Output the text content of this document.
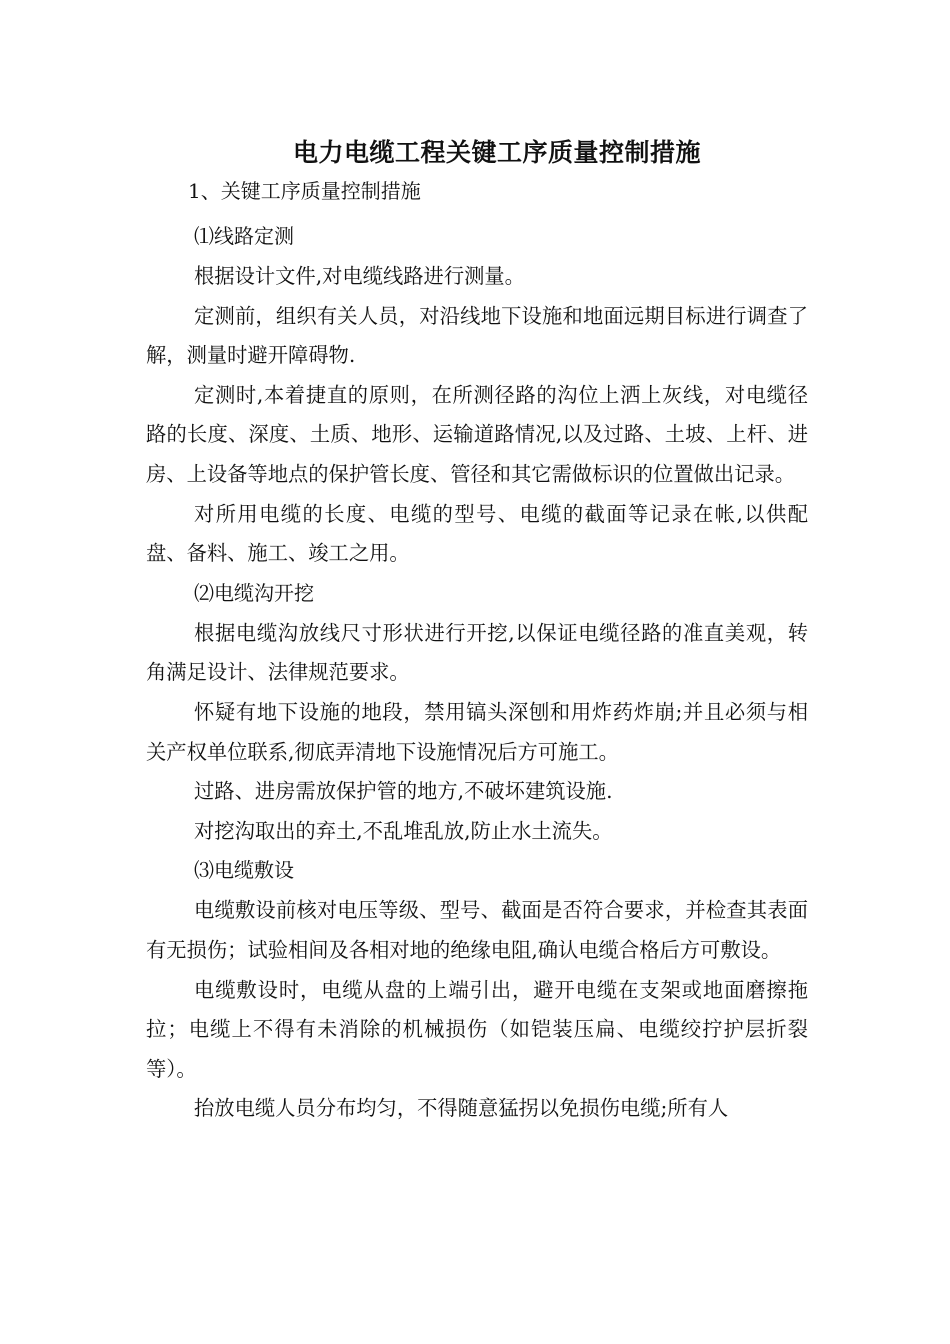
电力电缆工程关键工序质量控制措施

1、关键工序质量控制措施

⑴线路定测

根据设计文件,对电缆线路进行测量。

定测前，组织有关人员，对沿线地下设施和地面远期目标进行调查了解，测量时避开障碍物.

定测时,本着捷直的原则，在所测径路的沟位上洒上灰线，对电缆径路的长度、深度、土质、地形、运输道路情况,以及过路、土坡、上杆、进房、上设备等地点的保护管长度、管径和其它需做标识的位置做出记录。

对所用电缆的长度、电缆的型号、电缆的截面等记录在帐,以供配盘、备料、施工、竣工之用。

⑵电缆沟开挖

根据电缆沟放线尺寸形状进行开挖,以保证电缆径路的准直美观，转角满足设计、法律规范要求。

怀疑有地下设施的地段，禁用镐头深刨和用炸药炸崩;并且必须与相关产权单位联系,彻底弄清地下设施情况后方可施工。

过路、进房需放保护管的地方,不破坏建筑设施.

对挖沟取出的弃土,不乱堆乱放,防止水土流失。

⑶电缆敷设

电缆敷设前核对电压等级、型号、截面是否符合要求，并检查其表面有无损伤；试验相间及各相对地的绝缘电阻,确认电缆合格后方可敷设。

电缆敷设时，电缆从盘的上端引出，避开电缆在支架或地面磨擦拖拉；电缆上不得有未消除的机械损伤（如铠装压扁、电缆绞拧护层折裂等）。

抬放电缆人员分布均匀，不得随意猛拐以免损伤电缆;所有人
